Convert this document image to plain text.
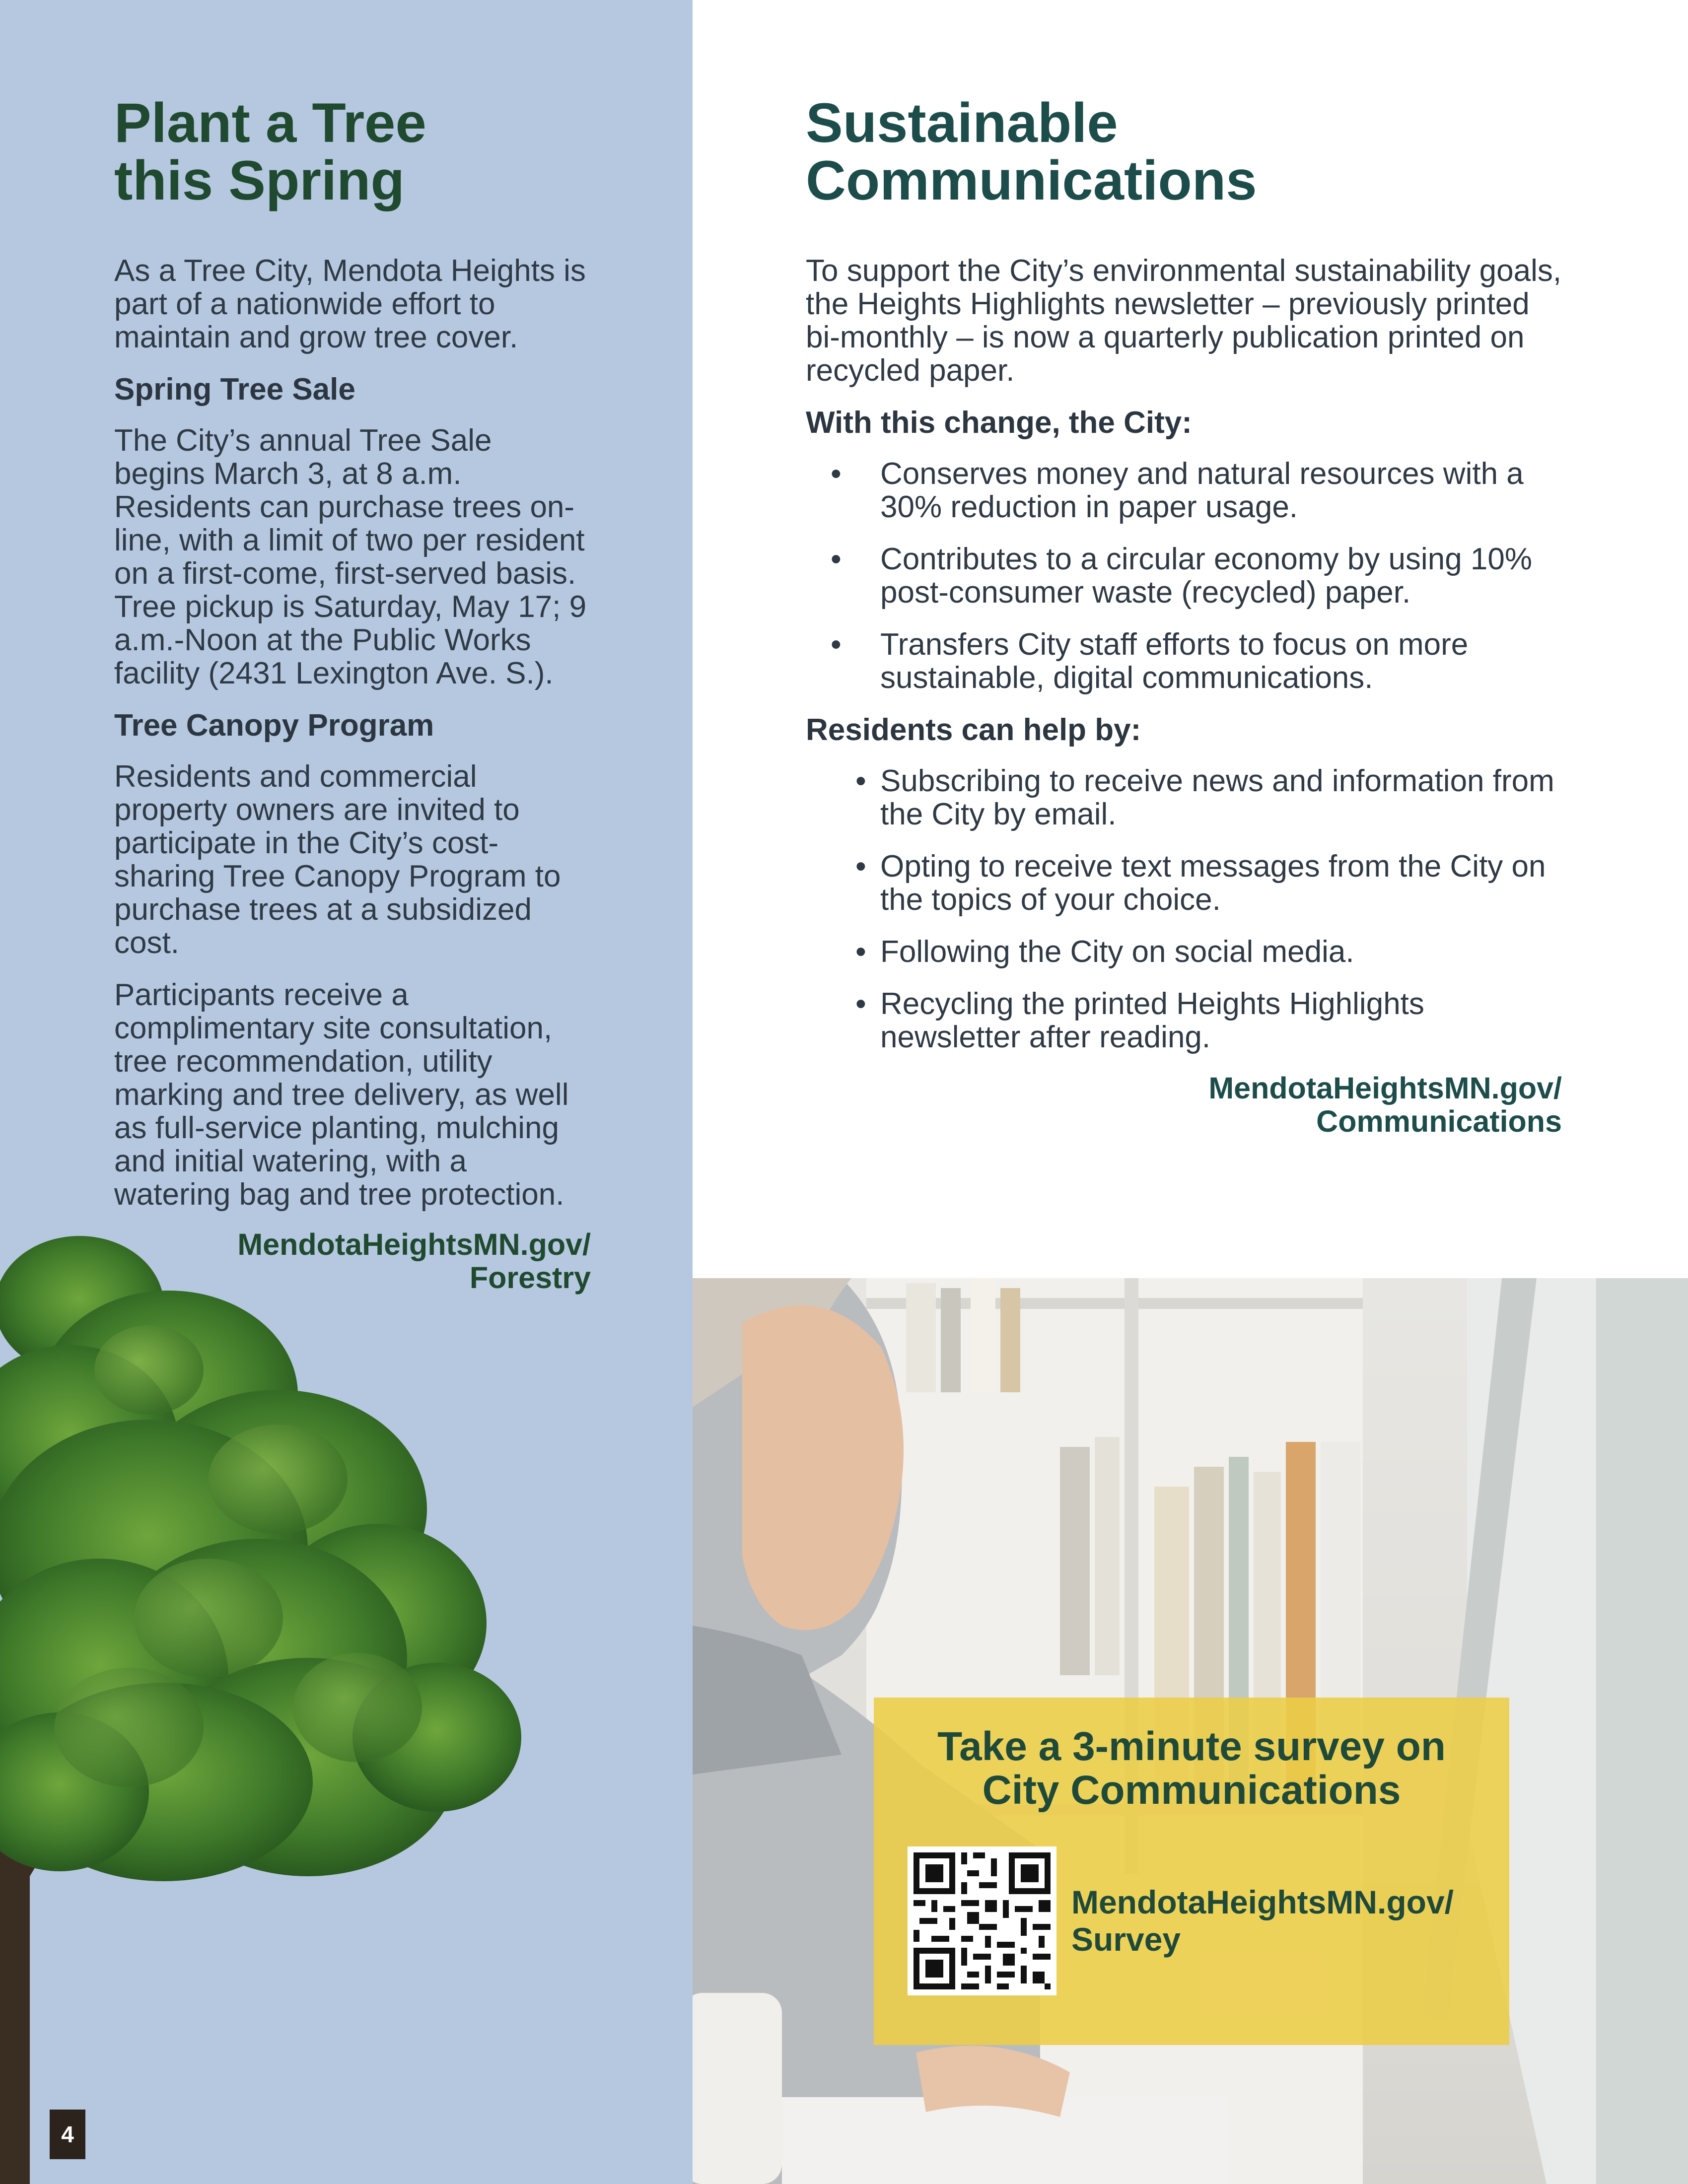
Plant a Tree
this Spring

As a Tree City, Mendota Heights is part of a nationwide effort to maintain and grow tree cover.

Spring Tree Sale

The City’s annual Tree Sale begins March 3, at 8 a.m. Residents can purchase trees on-line, with a limit of two per resident on a first-come, first-served basis. Tree pickup is Saturday, May 17; 9 a.m.-Noon at the Public Works facility (2431 Lexington Ave. S.).

Tree Canopy Program

Residents and commercial property owners are invited to participate in the City’s cost-sharing Tree Canopy Program to purchase trees at a subsidized cost.

Participants receive a complimentary site consultation, tree recommendation, utility marking and tree delivery, as well as full-service planting, mulching and initial watering, with a watering bag and tree protection.

MendotaHeightsMN.gov/
Forestry

4
Sustainable
Communications

To support the City’s environmental sustainability goals, the Heights Highlights newsletter – previously printed bi-monthly – is now a quarterly publication printed on recycled paper.

With this change, the City:

• Conserves money and natural resources with a 30% reduction in paper usage.
• Contributes to a circular economy by using 10% post-consumer waste (recycled) paper.
• Transfers City staff efforts to focus on more sustainable, digital communications.

Residents can help by:

• Subscribing to receive news and information from the City by email.
• Opting to receive text messages from the City on the topics of your choice.
• Following the City on social media.
• Recycling the printed Heights Highlights newsletter after reading.

MendotaHeightsMN.gov/
Communications

Take a 3-minute survey on
City Communications
MendotaHeightsMN.gov/
Survey
